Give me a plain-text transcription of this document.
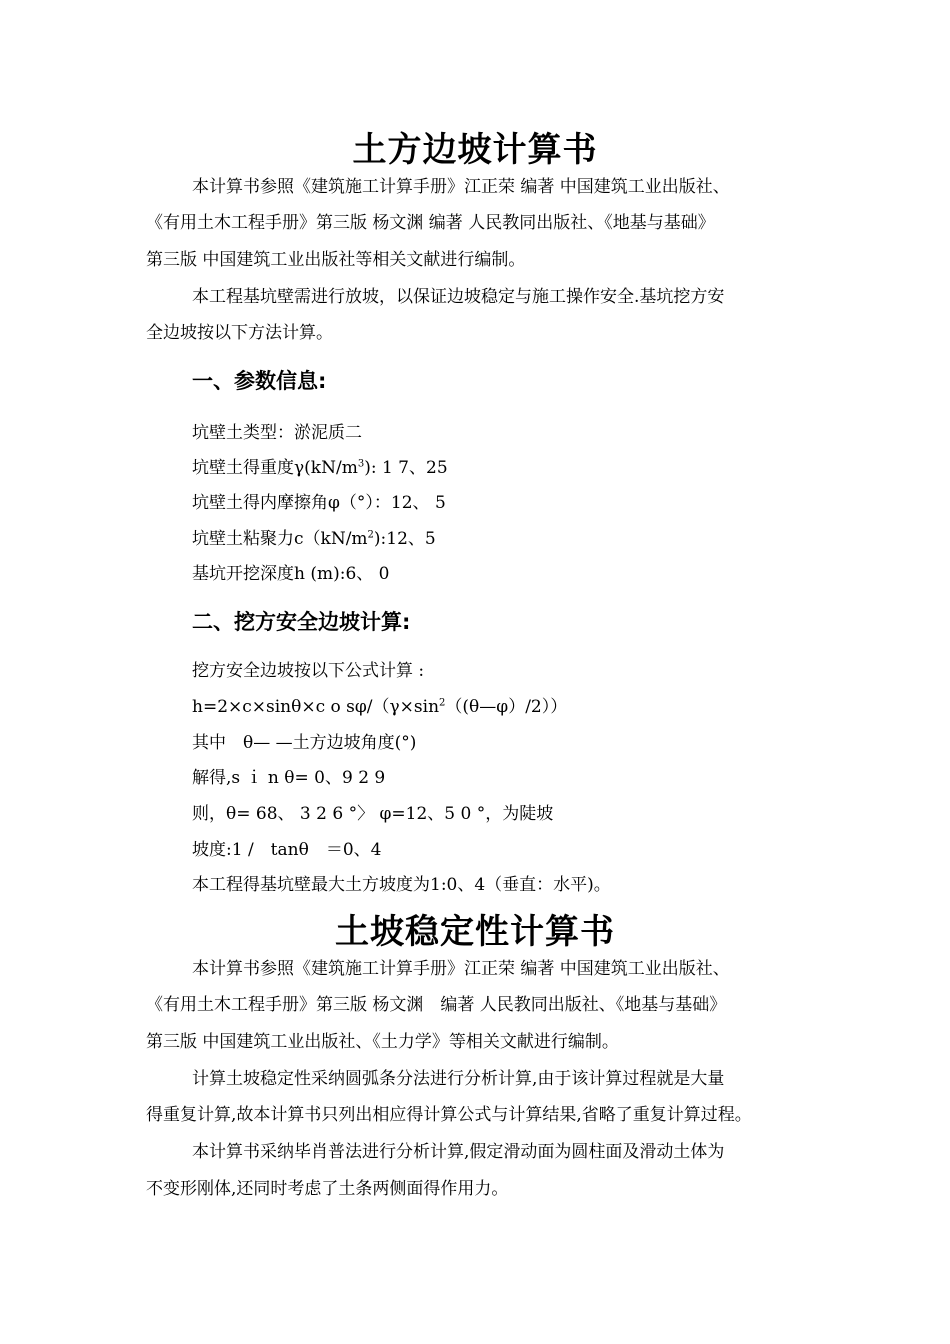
土方边坡计算书
本计算书参照《建筑施工计算手册》江正荣 编著 中国建筑工业出版社、
《有用土木工程手册》第三版 杨文渊 编著 人民教同出版社、《地基与基础》
第三版 中国建筑工业出版社等相关文献进行编制。
本工程基坑壁需进行放坡，以保证边坡稳定与施工操作安全.基坑挖方安
全边坡按以下方法计算。
一、参数信息:
坑壁土类型：淤泥质二
坑壁土得重度$\gamma(kN/m^3)$: 1 7、25
坑壁土得内摩擦角φ（°）：12、 5
坑壁土粘聚力$c(kN/m^2):12$、5
基坑开挖深度h (m):6、 0
二、挖方安全边坡计算:
挖方安全边坡按以下公式计算 :
h=2×c×sinθ×c o $s\varphi/(\gamma\times\sin^2((\theta—\varphi)/2))$
其中　θ— —土方边坡角度(°)
解得,s ｉ n θ= 0、9 2 9
则，θ= 68、 3 2 6 °〉 φ=12、5 0 °，为陡坡
坡度:1 /　tanθ　＝0、4
本工程得基坑壁最大土方坡度为1:0、4（垂直：水平)。
土坡稳定性计算书
本计算书参照《建筑施工计算手册》江正荣 编著 中国建筑工业出版社、
《有用土木工程手册》第三版 杨文渊　编著 人民教同出版社、《地基与基础》
第三版 中国建筑工业出版社、《土力学》等相关文献进行编制。
计算土坡稳定性采纳圆弧条分法进行分析计算,由于该计算过程就是大量
得重复计算,故本计算书只列出相应得计算公式与计算结果,省略了重复计算过程。
本计算书采纳毕肖普法进行分析计算,假定滑动面为圆柱面及滑动土体为
不变形刚体,还同时考虑了土条两侧面得作用力。
